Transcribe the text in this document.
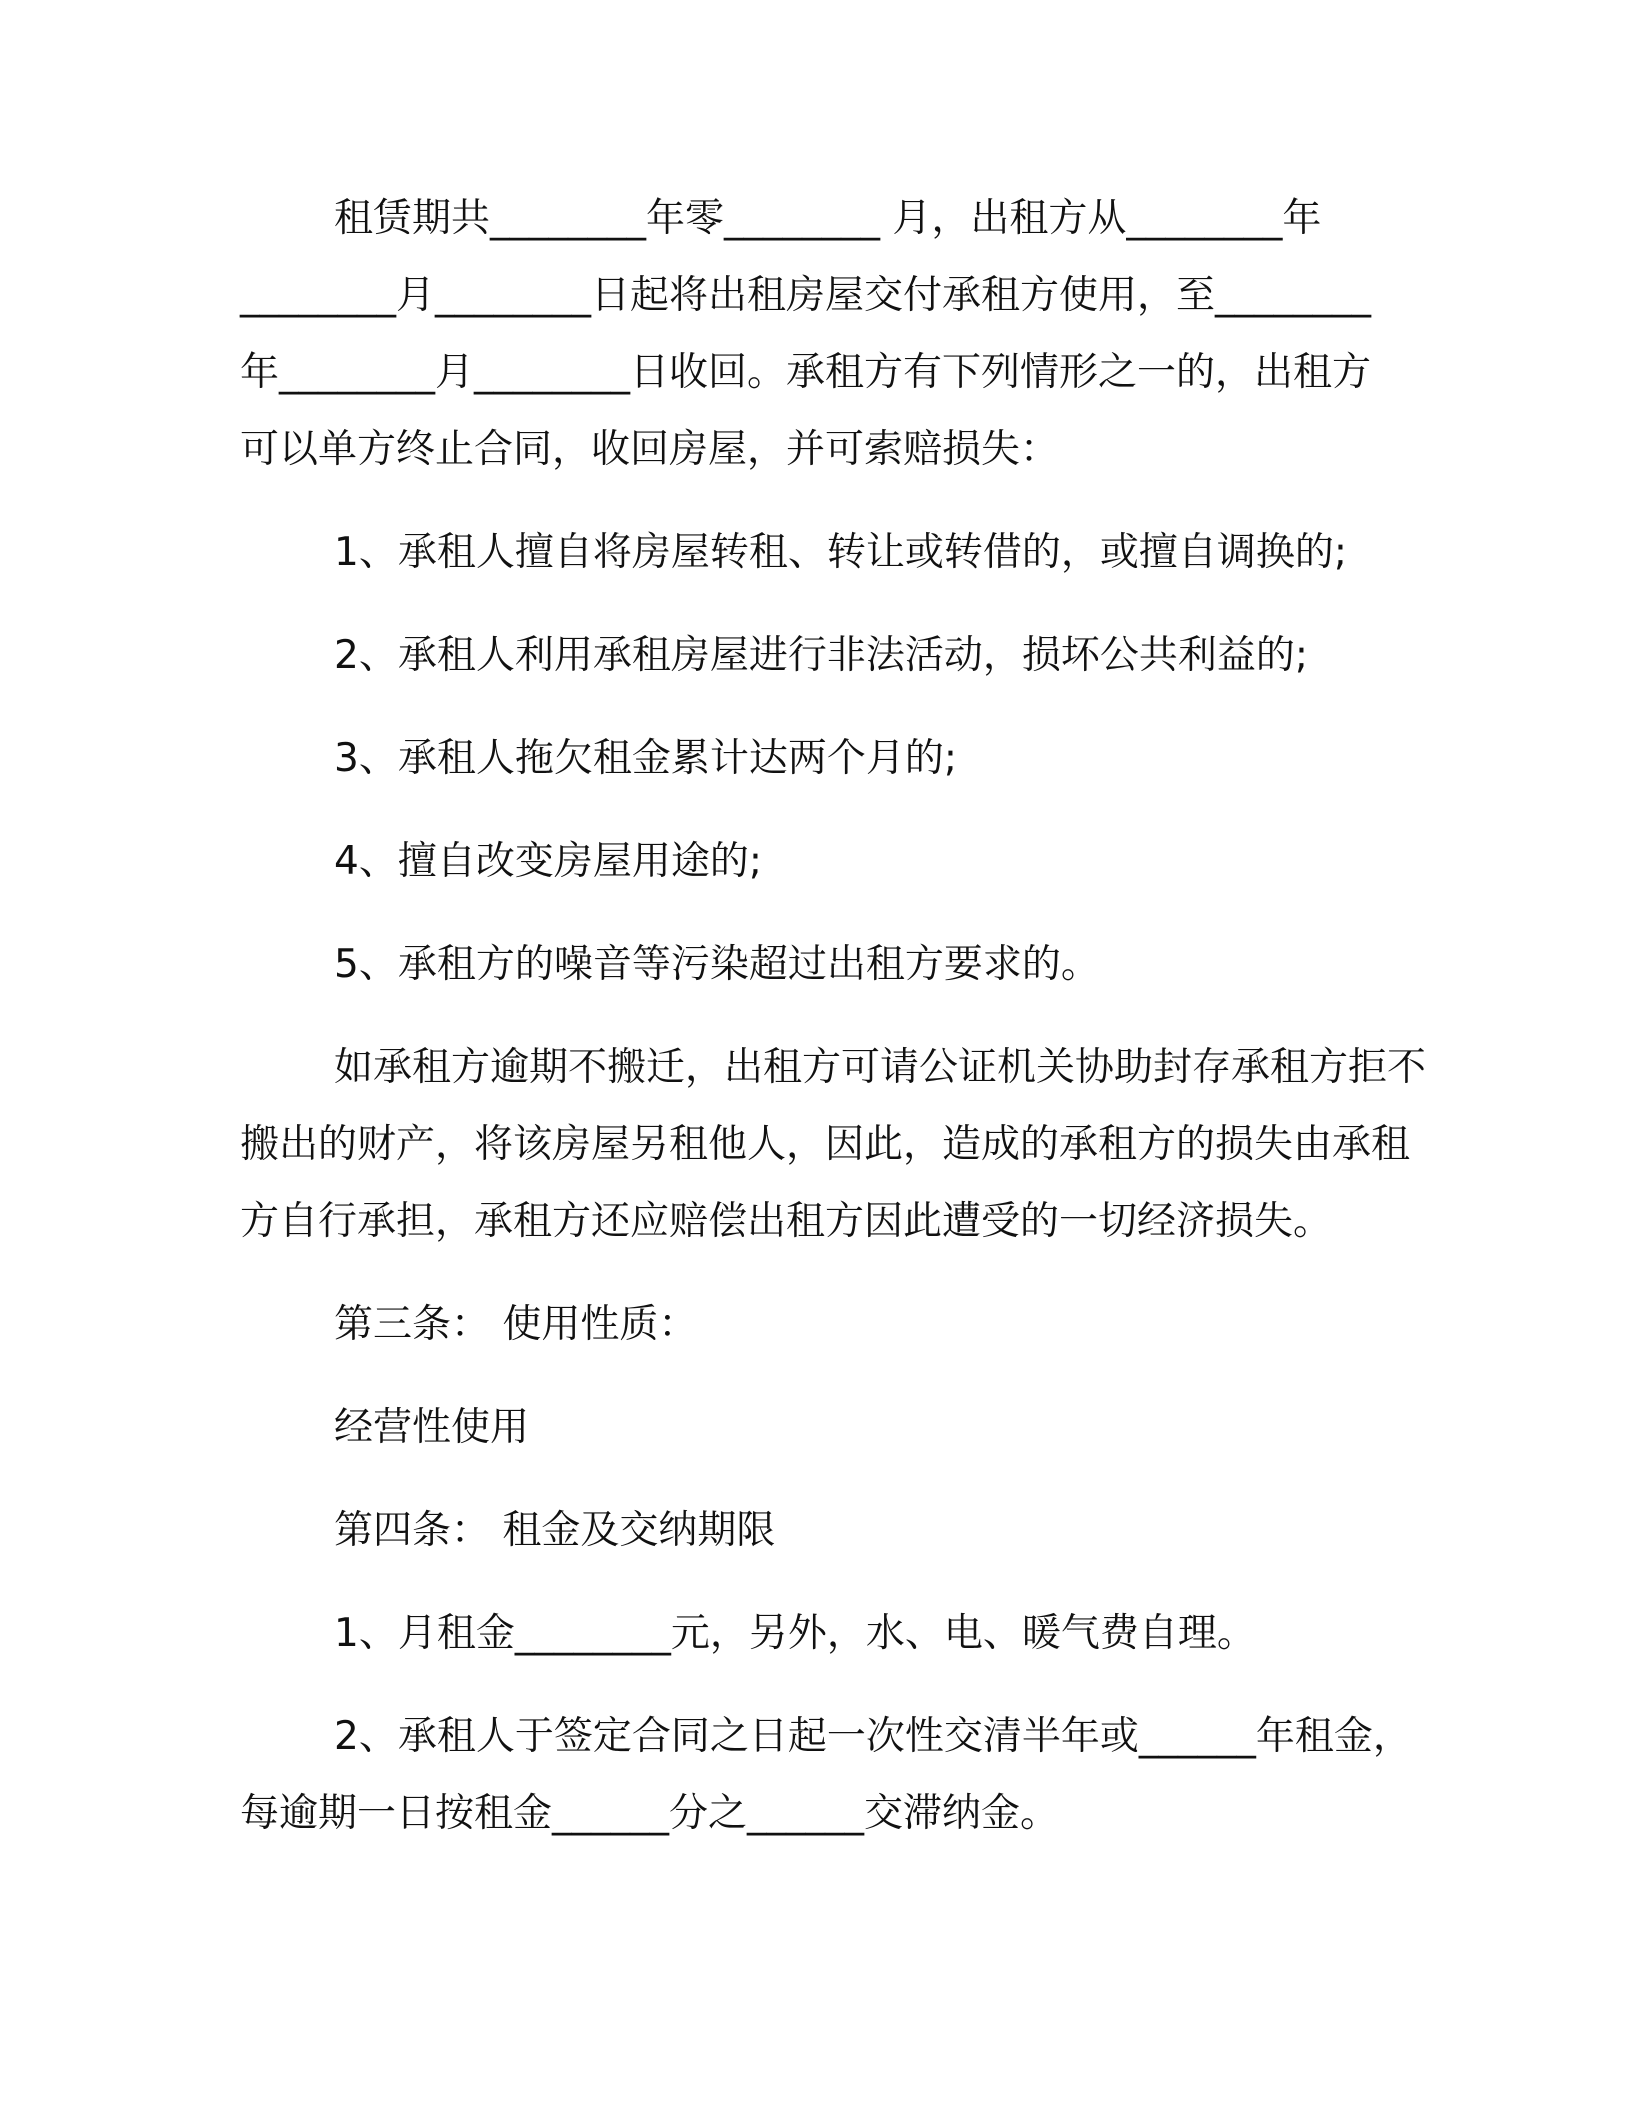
租赁期共________年零________ 月，出租方从________年
________月________日起将出租房屋交付承租方使用，至________
年________月________日收回。承租方有下列情形之一的，出租方
可以单方终止合同，收回房屋，并可索赔损失：
1、承租人擅自将房屋转租、转让或转借的，或擅自调换的;
2、承租人利用承租房屋进行非法活动，损坏公共利益的;
3、承租人拖欠租金累计达两个月的;
4、擅自改变房屋用途的;
5、承租方的噪音等污染超过出租方要求的。
如承租方逾期不搬迁，出租方可请公证机关协助封存承租方拒不
搬出的财产，将该房屋另租他人，因此，造成的承租方的损失由承租
方自行承担，承租方还应赔偿出租方因此遭受的一切经济损失。
第三条： 使用性质：
经营性使用
第四条： 租金及交纳期限
1、月租金________元，另外，水、电、暖气费自理。
2、承租人于签定合同之日起一次性交清半年或______年租金，
每逾期一日按租金______分之______交滞纳金。
